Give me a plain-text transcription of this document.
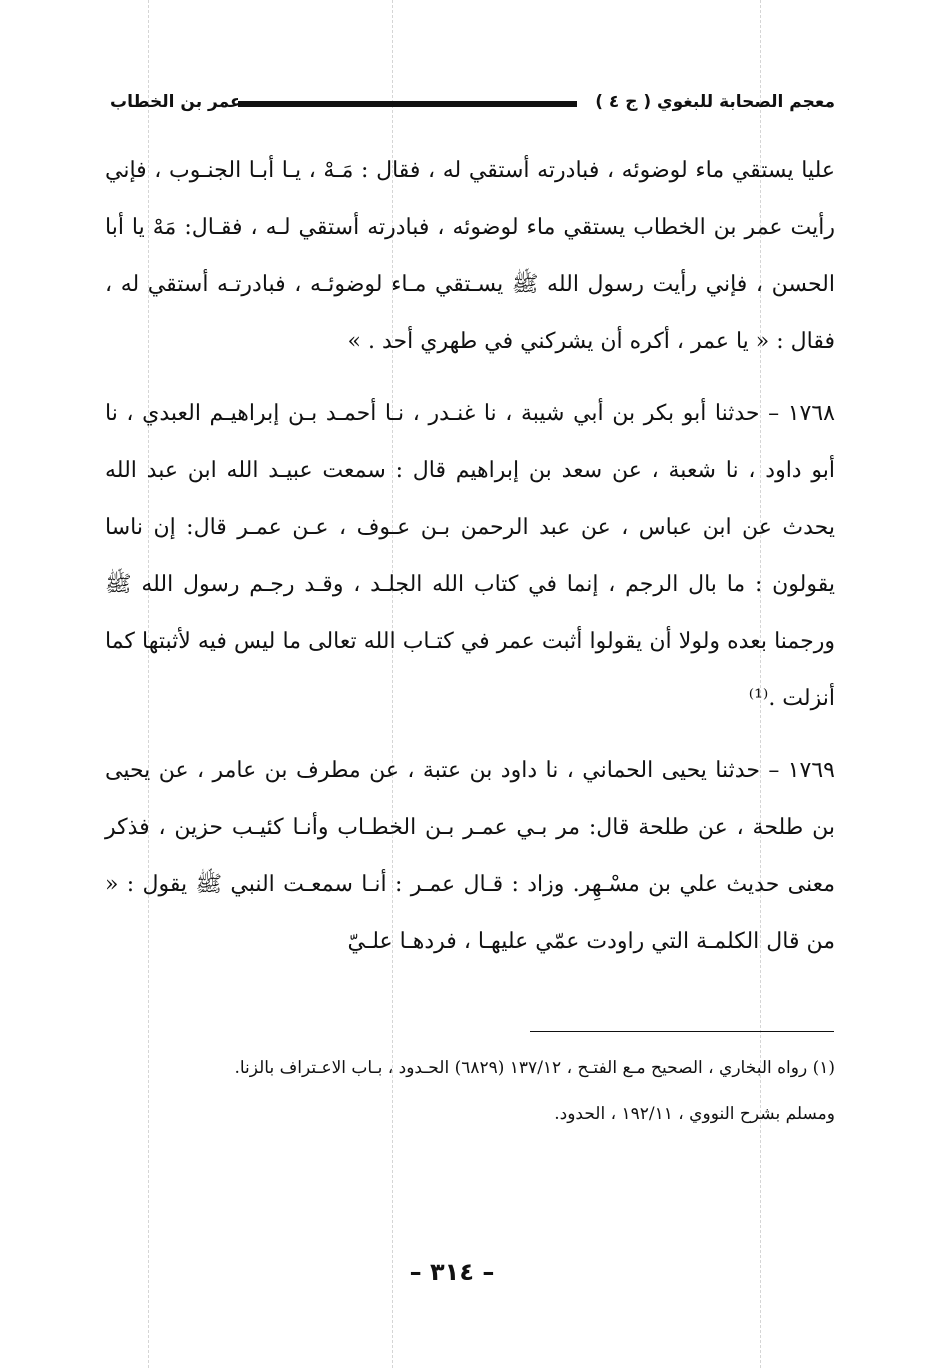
معجم الصحابة للبغوي ( ج ٤ )
عمر بن الخطاب

عليا يستقي ماء لوضوئه ، فبادرته أستقي له ، فقال : مَـهْ ، يـا أبـا الجنـوب ، فإني رأيت عمر بن الخطاب يستقي ماء لوضوئه ، فبادرته أستقي لـه ، فقـال: مَهْ يا أبا الحسن ، فإني رأيت رسول الله ﷺ يسـتقي مـاء لوضوئـه ، فبادرتـه أستقي له ، فقال : « يا عمر ، أكره أن يشركني في طهري أحد . »

١٧٦٨ – حدثنا أبو بكر بن أبي شيبة ، نا غنـدر ، نـا أحمـد بـن إبراهيـم العبدي ، نا أبو داود ، نا شعبة ، عن سعد بن إبراهيم قال : سمعت عبيـد الله ابن عبد الله يحدث عن ابن عباس ، عن عبد الرحمن بـن عـوف ، عـن عمـر قال: إن ناسا يقولون : ما بال الرجم ، إنما في كتاب الله الجلـد ، وقـد رجـم رسول الله ﷺ ورجمنا بعده ولولا أن يقولوا أثبت عمر في كتـاب الله تعالى ما ليس فيه لأثبتها كما أنزلت .⁽¹⁾

١٧٦٩ – حدثنا يحيى الحماني ، نا داود بن عتبة ، عن مطرف بن عامر ، عن يحيى بن طلحة ، عن طلحة قال: مر بـي عمـر بـن الخطـاب وأنـا كئيـب حزين ، فذكر معنى حديث علي بن مسْـهِر. وزاد : قـال عمـر : أنـا سمعـت النبي ﷺ يقول : « من قال الكلمـة التي راودت عمّي عليهـا ، فردهـا علـيّ

(١) رواه البخاري ، الصحيح مـع الفتـح ، ١٣٧/١٢ (٦٨٢٩) الحـدود ، بـاب الاعـتراف بالزنا.

ومسلم بشرح النووي ، ١٩٢/١١ ، الحدود.

– ٣١٤ –
